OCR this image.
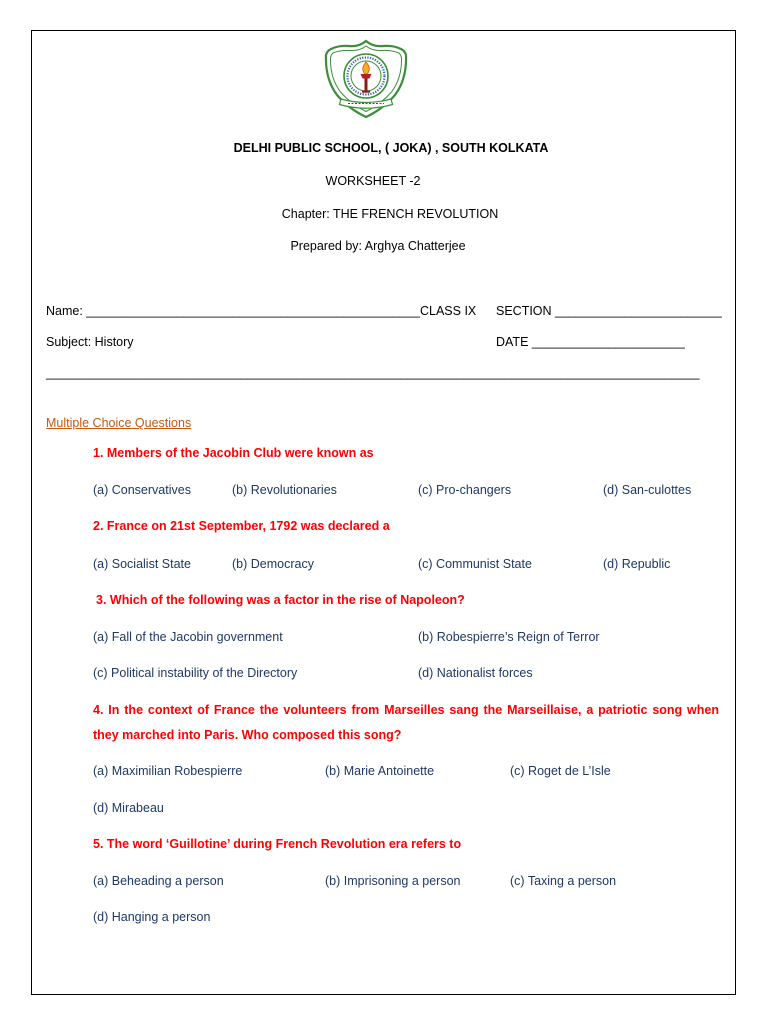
DELHI PUBLIC SCHOOL, ( JOKA) , SOUTH KOLKATA
WORKSHEET -2
Chapter: THE FRENCH REVOLUTION
Prepared by: Arghya Chatterjee
Name: ________________________________________________CLASS IX SECTION ________________________
Subject: History	DATE ______________________
______________________________________________________________________________________________
Multiple Choice Questions
1. Members of the Jacobin Club were known as
(a) Conservatives	(b) Revolutionaries	(c) Pro-changers	(d) San-culottes
2. France on 21st September, 1792 was declared a
(a) Socialist State	(b) Democracy	(c) Communist State	(d) Republic
3. Which of the following was a factor in the rise of Napoleon?
(a) Fall of the Jacobin government	(b) Robespierre’s Reign of Terror
(c) Political instability of the Directory	(d) Nationalist forces
4. In the context of France the volunteers from Marseilles sang the Marseillaise, a patriotic song when they marched into Paris. Who composed this song?
(a) Maximilian Robespierre	(b) Marie Antoinette	(c) Roget de L’Isle
(d) Mirabeau
5. The word ‘Guillotine’ during French Revolution era refers to
(a) Beheading a person	(b) Imprisoning a person	(c) Taxing a person
(d) Hanging a person
